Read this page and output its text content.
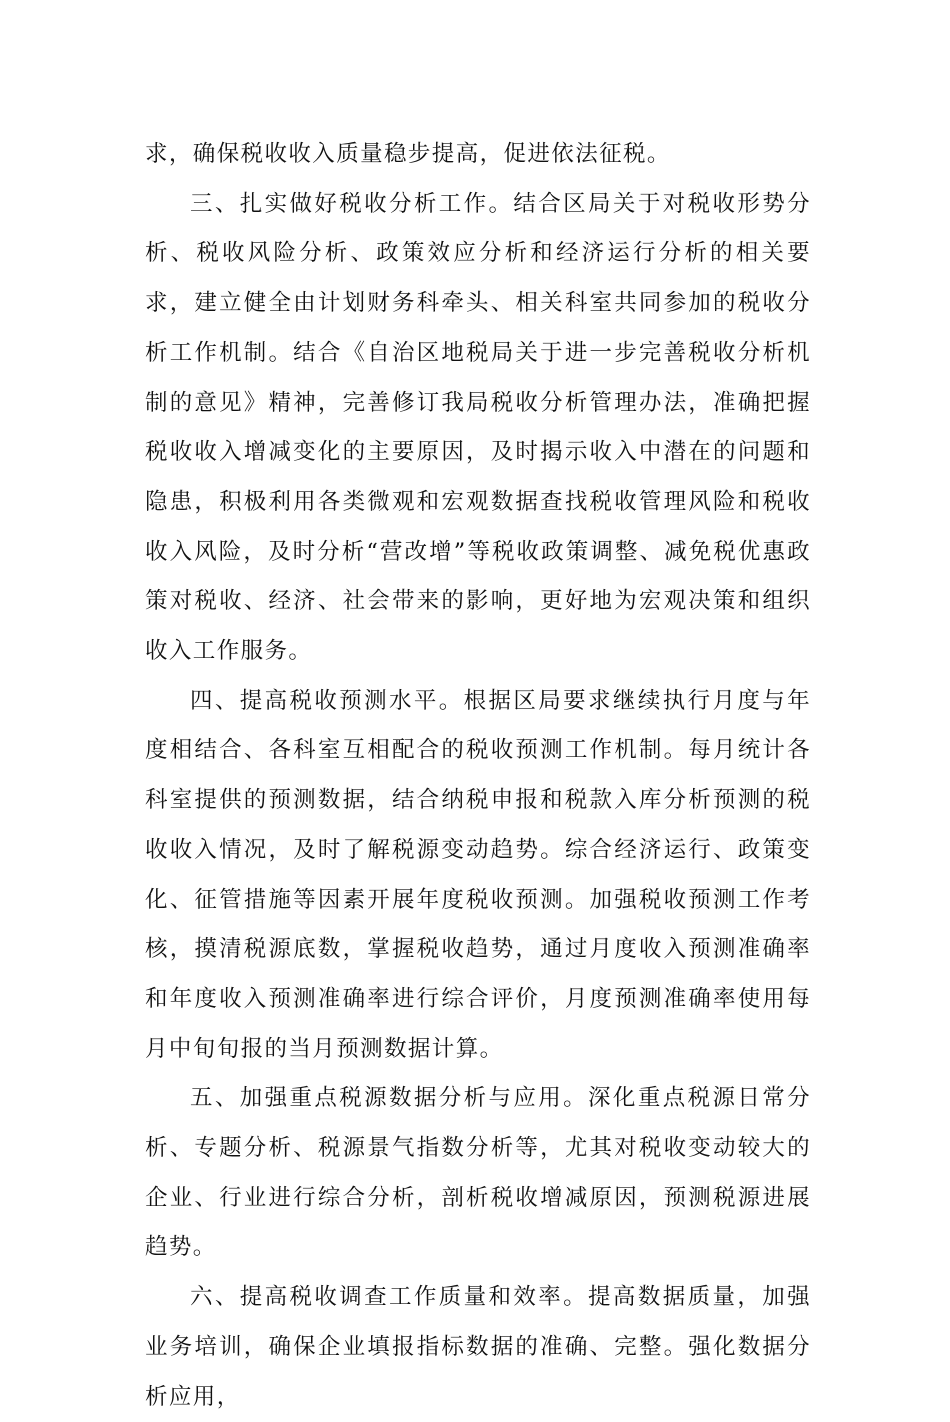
求，确保税收收入质量稳步提高，促进依法征税。

三、扎实做好税收分析工作。结合区局关于对税收形势分析、税收风险分析、政策效应分析和经济运行分析的相关要求，建立健全由计划财务科牵头、相关科室共同参加的税收分析工作机制。结合《自治区地税局关于进一步完善税收分析机制的意见》精神，完善修订我局税收分析管理办法，准确把握税收收入增减变化的主要原因，及时揭示收入中潜在的问题和隐患，积极利用各类微观和宏观数据查找税收管理风险和税收收入风险，及时分析“营改增”等税收政策调整、减免税优惠政策对税收、经济、社会带来的影响，更好地为宏观决策和组织收入工作服务。

四、提高税收预测水平。根据区局要求继续执行月度与年度相结合、各科室互相配合的税收预测工作机制。每月统计各科室提供的预测数据，结合纳税申报和税款入库分析预测的税收收入情况，及时了解税源变动趋势。综合经济运行、政策变化、征管措施等因素开展年度税收预测。加强税收预测工作考核，摸清税源底数，掌握税收趋势，通过月度收入预测准确率和年度收入预测准确率进行综合评价，月度预测准确率使用每月中旬旬报的当月预测数据计算。

五、加强重点税源数据分析与应用。深化重点税源日常分析、专题分析、税源景气指数分析等，尤其对税收变动较大的企业、行业进行综合分析，剖析税收增减原因，预测税源进展趋势。

六、提高税收调查工作质量和效率。提高数据质量，加强业务培训，确保企业填报指标数据的准确、完整。强化数据分析应用，
